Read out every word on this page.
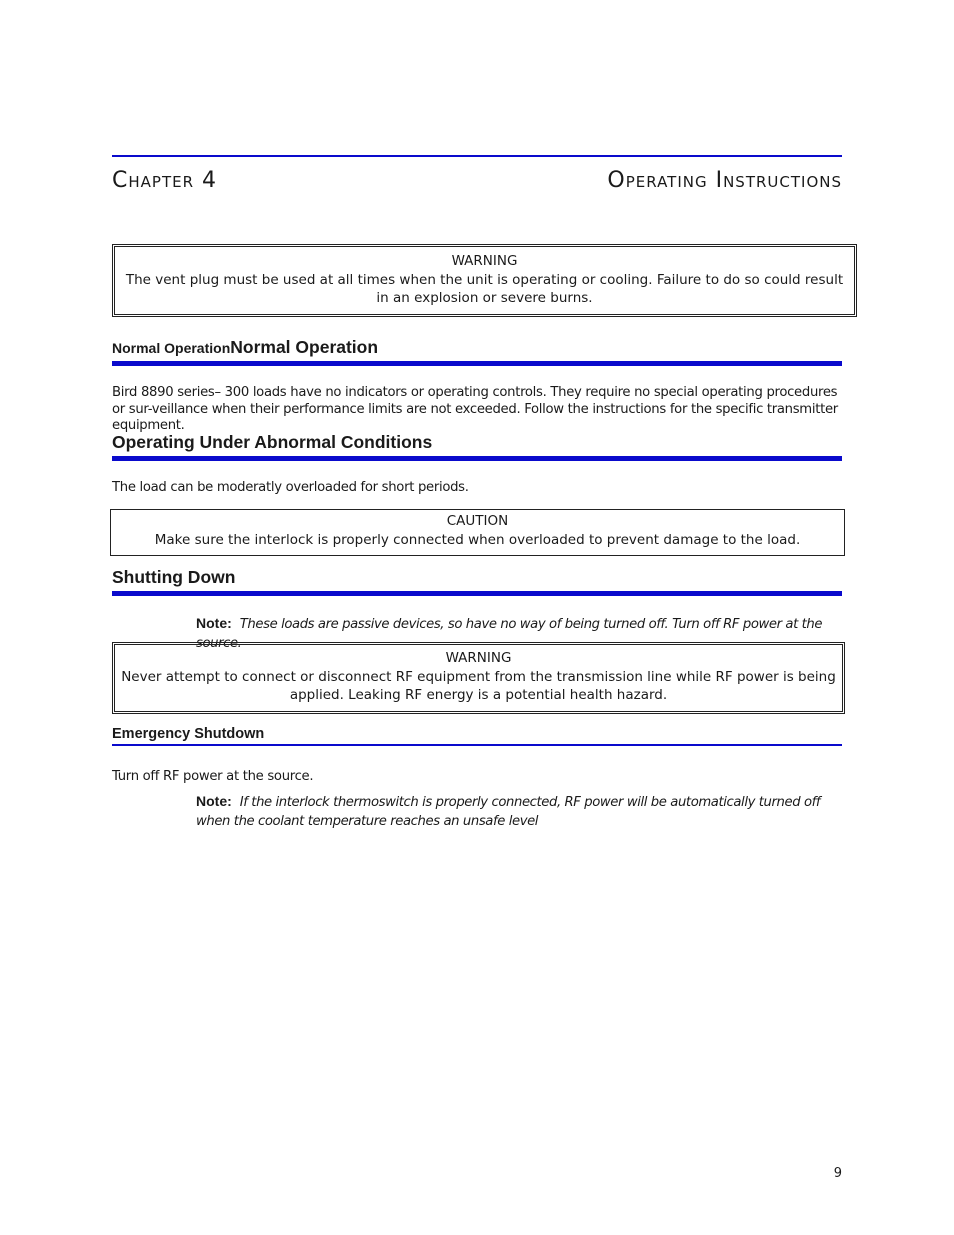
Chapter 4	Operating Instructions
WARNING
The vent plug must be used at all times when the unit is operating or cooling. Failure to do so could result in an explosion or severe burns.
Normal OperationNormal Operation
Bird 8890 series– 300 loads have no indicators or operating controls. They require no special operating procedures or sur-veillance when their performance limits are not exceeded. Follow the instructions for the specific transmitter equipment.
Operating Under Abnormal Conditions
The load can be moderatly overloaded for short periods.
CAUTION
Make sure the interlock is properly connected when overloaded to prevent damage to the load.
Shutting Down
Note: These loads are passive devices, so have no way of being turned off. Turn off RF power at the source.
WARNING
Never attempt to connect or disconnect RF equipment from the transmission line while RF power is being applied. Leaking RF energy is a potential health hazard.
Emergency Shutdown
Turn off RF power at the source.
Note: If the interlock thermoswitch is properly connected, RF power will be automatically turned off when the coolant temperature reaches an unsafe level
9
